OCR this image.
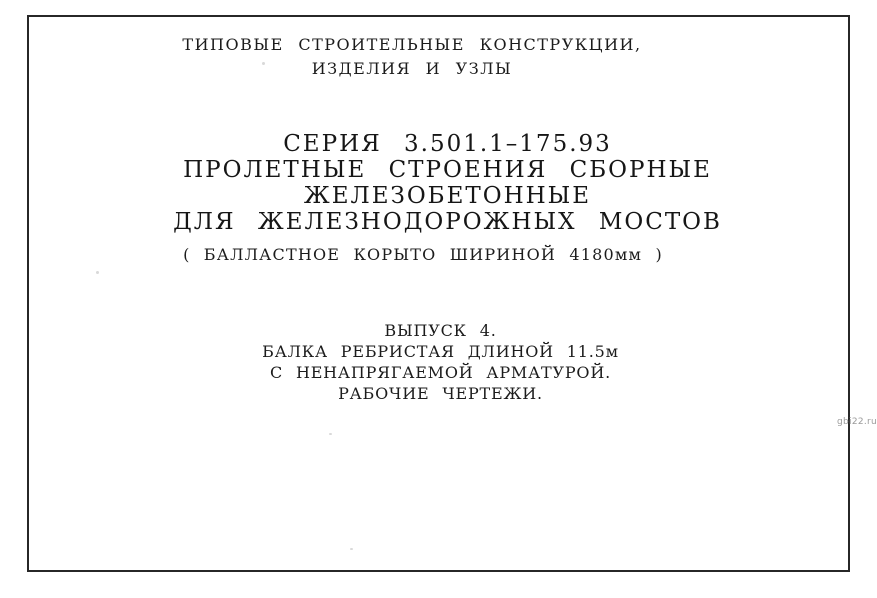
ТИПОВЫЕ СТРОИТЕЛЬНЫЕ КОНСТРУКЦИИ,
ИЗДЕЛИЯ И УЗЛЫ
СЕРИЯ 3.501.1–175.93
ПРОЛЕТНЫЕ СТРОЕНИЯ СБОРНЫЕ
ЖЕЛЕЗОБЕТОННЫЕ
ДЛЯ ЖЕЛЕЗНОДОРОЖНЫХ МОСТОВ
( БАЛЛАСТНОЕ КОРЫТО ШИРИНОЙ 4180мм )
ВЫПУСК 4.
БАЛКА РЕБРИСТАЯ ДЛИНОЙ 11.5м
С НЕНАПРЯГАЕМОЙ АРМАТУРОЙ.
РАБОЧИЕ ЧЕРТЕЖИ.
gbi22.ru
